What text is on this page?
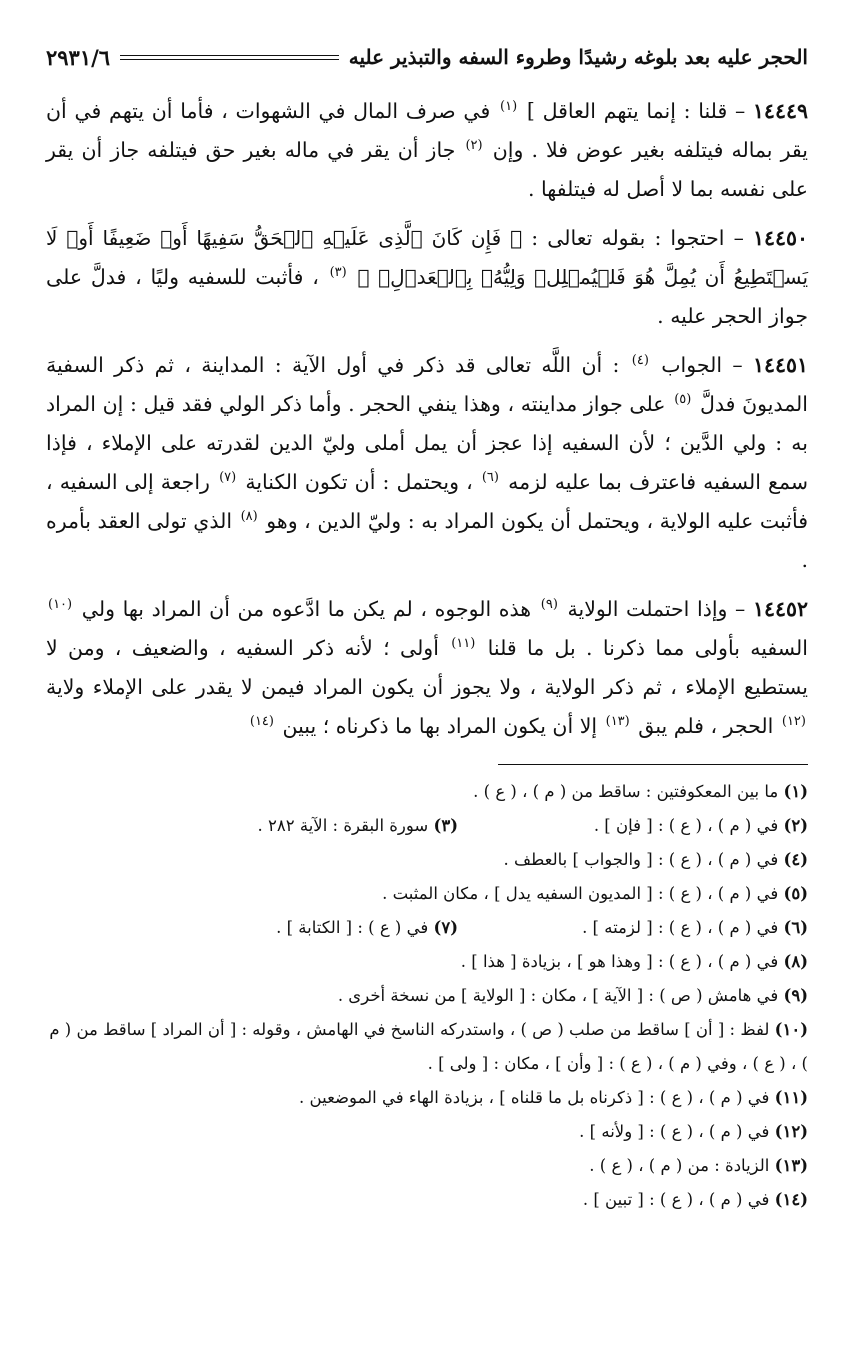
الحجر عليه بعد بلوغه رشيدًا وطروء السفه والتبذير عليه
٢٩٣١/٦

١٤٤٤٩ – قلنا : إنما يتهم العاقل ] $^{(١)}$ في صرف المال في الشهوات ، فأما أن يتهم في أن يقر بماله فيتلفه بغير عوض فلا . وإن $^{(٢)}$ جاز أن يقر في ماله بغير حق فيتلفه جاز أن يقر على نفسه بما لا أصل له فيتلفها .

١٤٤٥٠ – احتجوا : بقوله تعالى : ﴿ فَإِن كَانَ ٱلَّذِى عَلَيۡهِ ٱلۡحَقُّ سَفِيهًا أَوۡ ضَعِيفًا أَوۡ لَا يَسۡتَطِيعُ أَن يُمِلَّ هُوَ فَلۡيُمۡلِلۡ وَلِيُّهُۥ بِٱلۡعَدۡلِۚ ﴾ $^{(٣)}$ ، فأثبت للسفيه وليًا ، فدلَّ على جواز الحجر عليه .

١٤٤٥١ – الجواب $^{(٤)}$ : أن اللَّه تعالى قد ذكر في أول الآية : المداينة ، ثم ذكر السفيهَ المديونَ فدلَّ $^{(٥)}$ على جواز مداينته ، وهذا ينفي الحجر . وأما ذكر الولي فقد قيل : إن المراد به : ولي الدَّين ؛ لأن السفيه إذا عجز أن يمل أملى وليّ الدين لقدرته على الإملاء ، فإذا سمع السفيه فاعترف بما عليه لزمه $^{(٦)}$ ، ويحتمل : أن تكون الكناية $^{(٧)}$ راجعة إلى السفيه ، فأثبت عليه الولاية ، ويحتمل أن يكون المراد به : وليّ الدين ، وهو $^{(٨)}$ الذي تولى العقد بأمره .

١٤٤٥٢ – وإذا احتملت الولاية $^{(٩)}$ هذه الوجوه ، لم يكن ما ادَّعوه من أن المراد بها ولي $^{(١٠)}$ السفيه بأولى مما ذكرنا . بل ما قلنا $^{(١١)}$ أولى ؛ لأنه ذكر السفيه ، والضعيف ، ومن لا يستطيع الإملاء ، ثم ذكر الولاية ، ولا يجوز أن يكون المراد فيمن لا يقدر على الإملاء ولاية $^{(١٢)}$ الحجر ، فلم يبق $^{(١٣)}$ إلا أن يكون المراد بها ما ذكرناه ؛ يبين $^{(١٤)}$

(١) ما بين المعكوفتين : ساقط من ( م ) ، ( ع ) .
(٢) في ( م ) ، ( ع ) : [ فإن ] .
(٣) سورة البقرة : الآية ٢٨٢ .
(٤) في ( م ) ، ( ع ) : [ والجواب ] بالعطف .
(٥) في ( م ) ، ( ع ) : [ المديون السفيه يدل ] ، مكان المثبت .
(٦) في ( م ) ، ( ع ) : [ لزمته ] .
(٧) في ( ع ) : [ الكتابة ] .
(٨) في ( م ) ، ( ع ) : [ وهذا هو ] ، بزيادة [ هذا ] .
(٩) في هامش ( ص ) : [ الآية ] ، مكان : [ الولاية ] من نسخة أخرى .
(١٠) لفظ : [ أن ] ساقط من صلب ( ص ) ، واستدركه الناسخ في الهامش ، وقوله : [ أن المراد ] ساقط من ( م ) ، ( ع ) ، وفي ( م ) ، ( ع ) : [ وأن ] ، مكان : [ ولى ] .
(١١) في ( م ) ، ( ع ) : [ ذكرناه بل ما قلناه ] ، بزيادة الهاء في الموضعين .
(١٢) في ( م ) ، ( ع ) : [ ولأنه ] .
(١٣) الزيادة : من ( م ) ، ( ع ) .
(١٤) في ( م ) ، ( ع ) : [ تبين ] .
